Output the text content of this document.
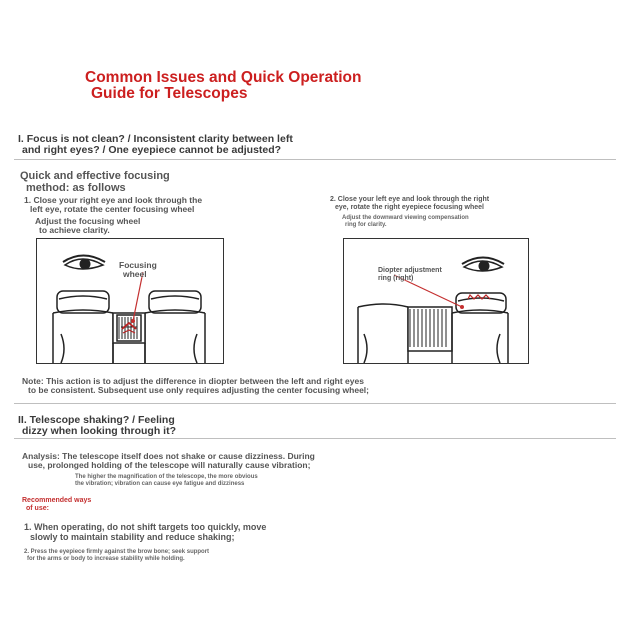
Common Issues and Quick Operation
Guide for Telescopes
I. Focus is not clean? / Inconsistent clarity between left
and right eyes? / One eyepiece cannot be adjusted?
Quick and effective focusing
method: as follows
1. Close your right eye and look through the
left eye, rotate the center focusing wheel
Adjust the focusing wheel
to achieve clarity.
2. Close your left eye and look through the right
eye, rotate the right eyepiece focusing wheel
Adjust the downward viewing compensation
ring for clarity.
Focusing
wheel	Diopter adjustment
ring (right)
Note: This action is to adjust the difference in diopter between the left and right eyes
to be consistent. Subsequent use only requires adjusting the center focusing wheel;
II. Telescope shaking? / Feeling
dizzy when looking through it?
Analysis: The telescope itself does not shake or cause dizziness. During
use, prolonged holding of the telescope will naturally cause vibration;
The higher the magnification of the telescope, the more obvious
the vibration; vibration can cause eye fatigue and dizziness
Recommended ways
of use:
1. When operating, do not shift targets too quickly, move
slowly to maintain stability and reduce shaking;
2. Press the eyepiece firmly against the brow bone; seek support
for the arms or body to increase stability while holding.
